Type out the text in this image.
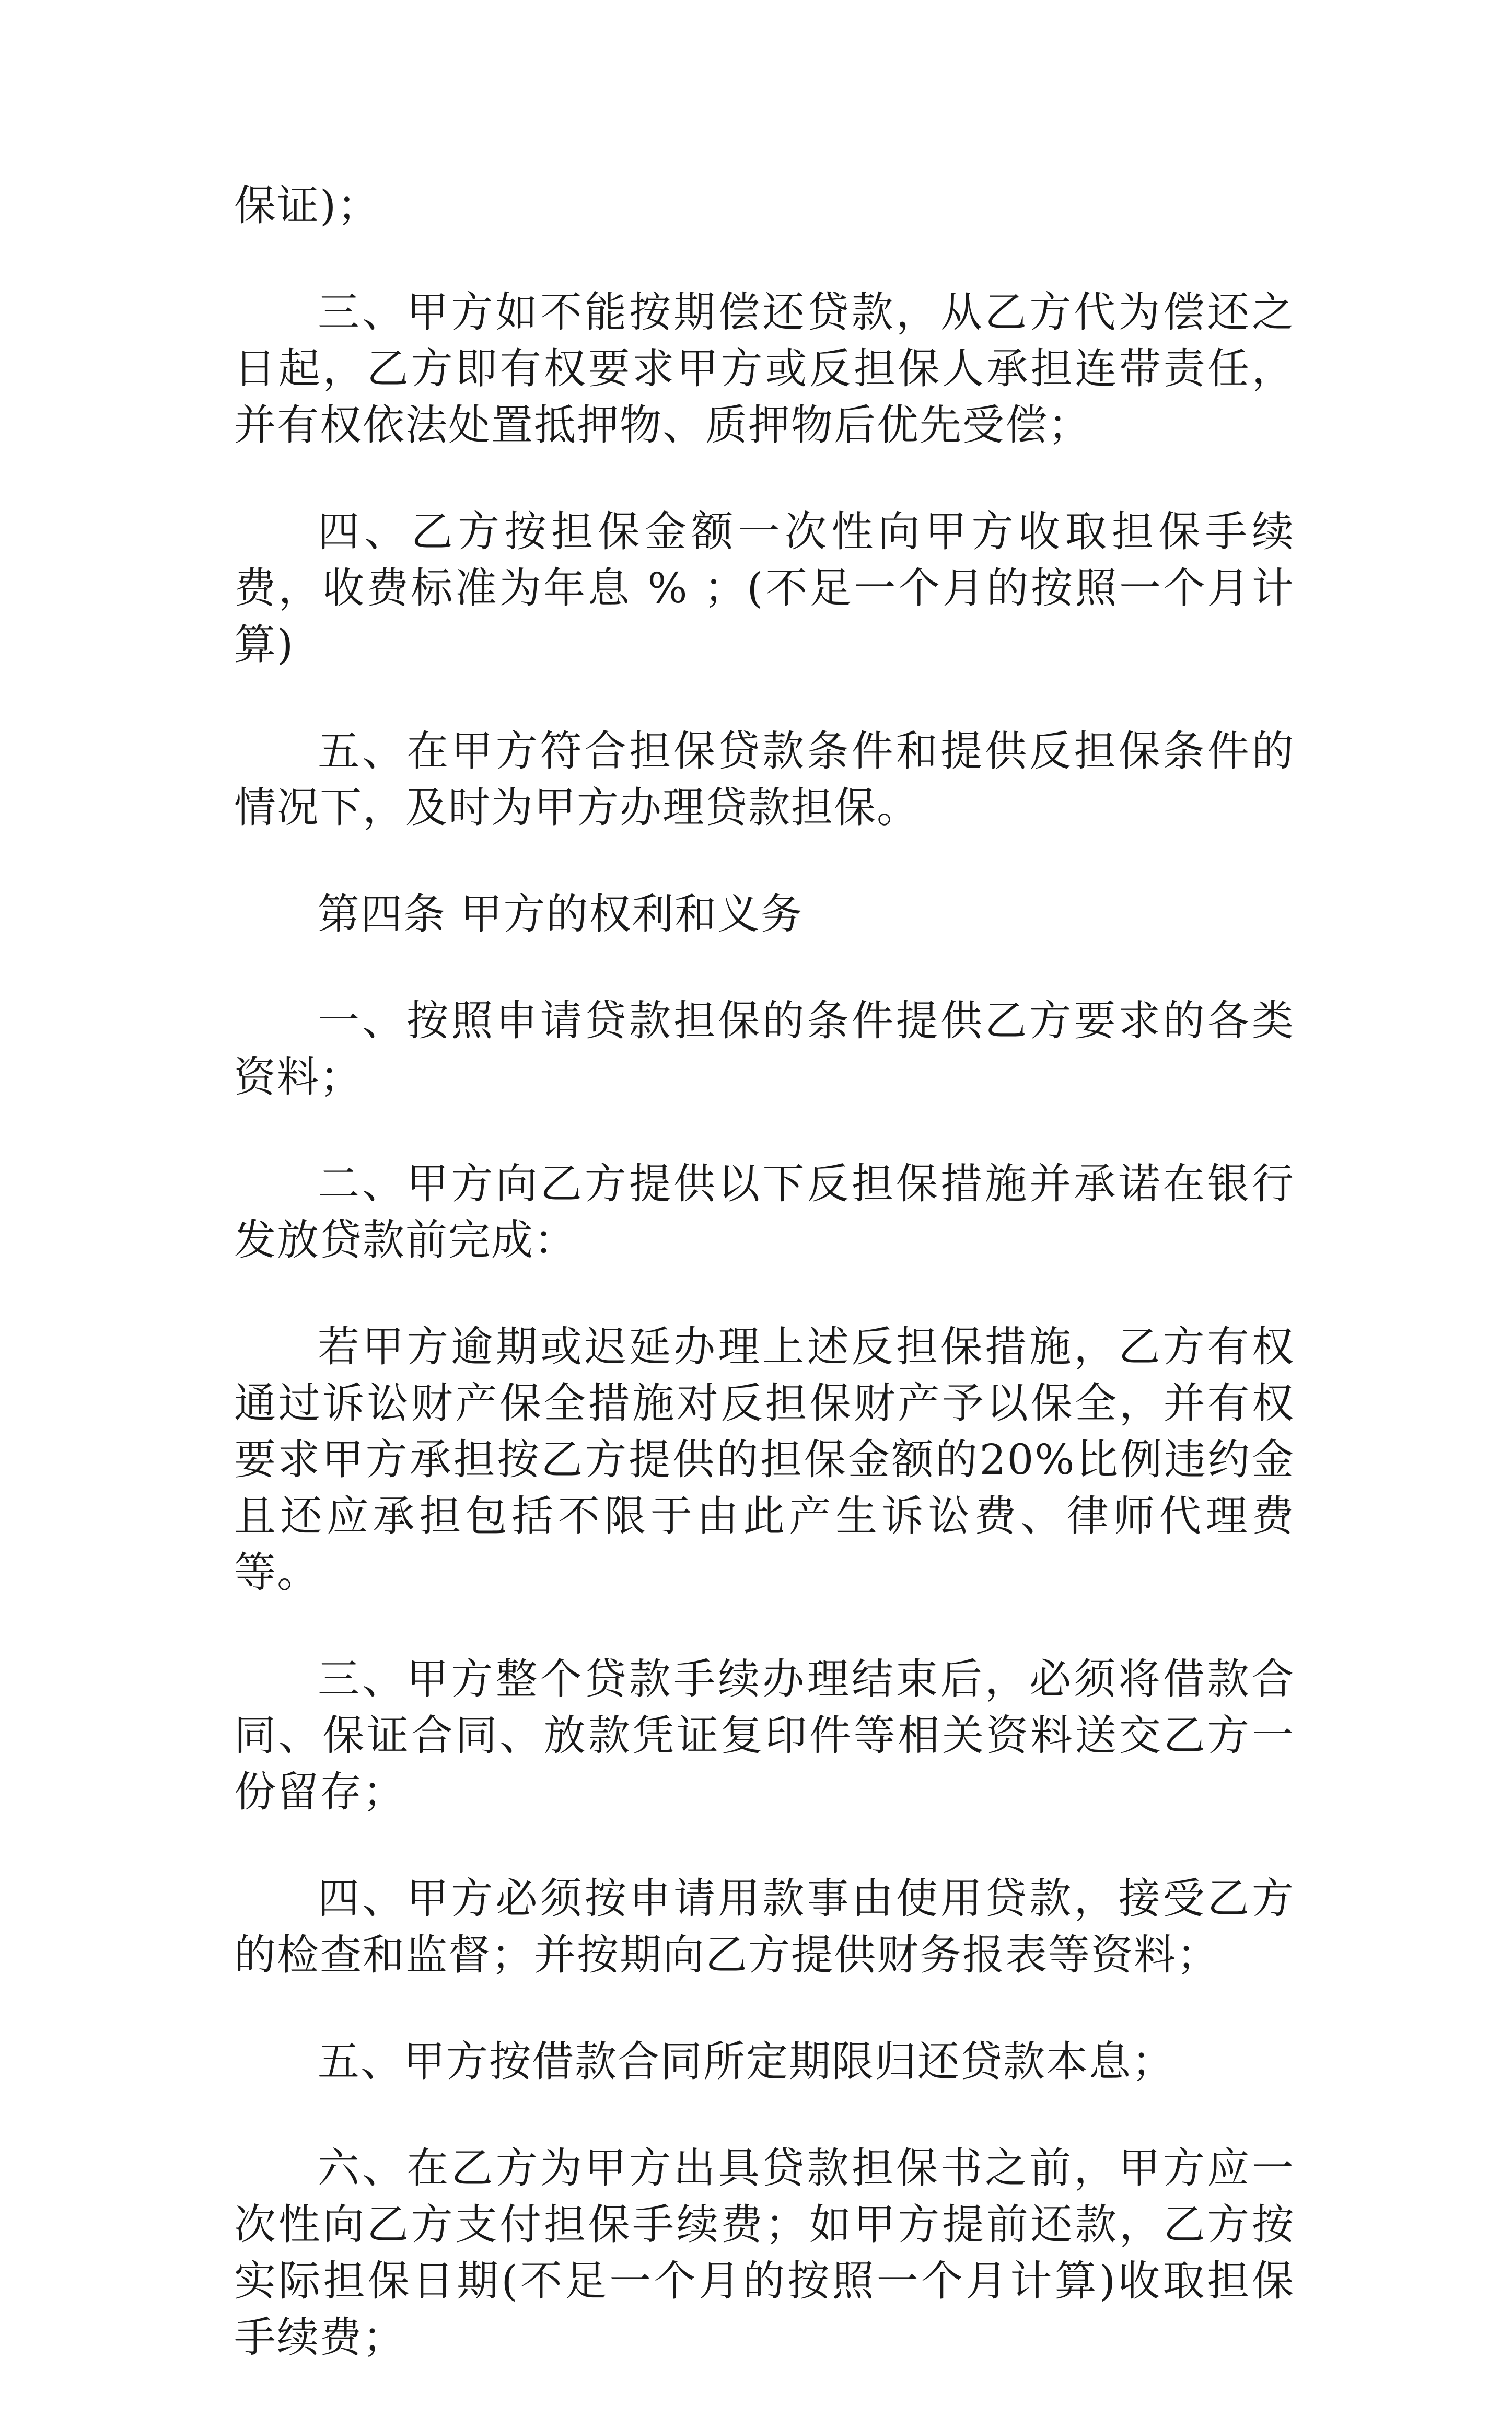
保证)；

三、甲方如不能按期偿还贷款，从乙方代为偿还之日起，乙方即有权要求甲方或反担保人承担连带责任，并有权依法处置抵押物、质押物后优先受偿；

四、乙方按担保金额一次性向甲方收取担保手续费，收费标准为年息 % ；(不足一个月的按照一个月计算)

五、在甲方符合担保贷款条件和提供反担保条件的情况下，及时为甲方办理贷款担保。

第四条 甲方的权利和义务

一、按照申请贷款担保的条件提供乙方要求的各类资料；

二、甲方向乙方提供以下反担保措施并承诺在银行发放贷款前完成：

若甲方逾期或迟延办理上述反担保措施，乙方有权通过诉讼财产保全措施对反担保财产予以保全，并有权要求甲方承担按乙方提供的担保金额的20%比例违约金且还应承担包括不限于由此产生诉讼费、律师代理费等。

三、甲方整个贷款手续办理结束后，必须将借款合同、保证合同、放款凭证复印件等相关资料送交乙方一份留存；

四、甲方必须按申请用款事由使用贷款，接受乙方的检查和监督；并按期向乙方提供财务报表等资料；

五、甲方按借款合同所定期限归还贷款本息；

六、在乙方为甲方出具贷款担保书之前，甲方应一次性向乙方支付担保手续费；如甲方提前还款，乙方按实际担保日期(不足一个月的按照一个月计算)收取担保手续费；
